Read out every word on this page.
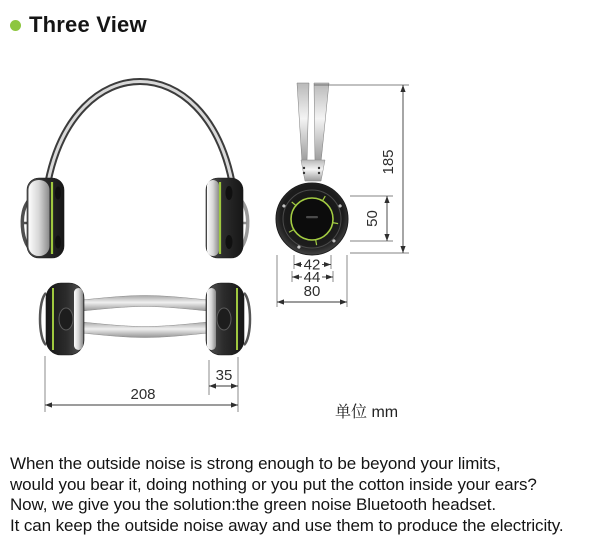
Three View
35
208
185
50
42
44
80
单位 mm
When the outside noise is strong enough to be beyond your limits,
would you bear it, doing nothing or you put the cotton inside your ears?
Now, we give you the solution:the green noise Bluetooth headset.
It can keep the outside noise away and use them to produce the electricity.
